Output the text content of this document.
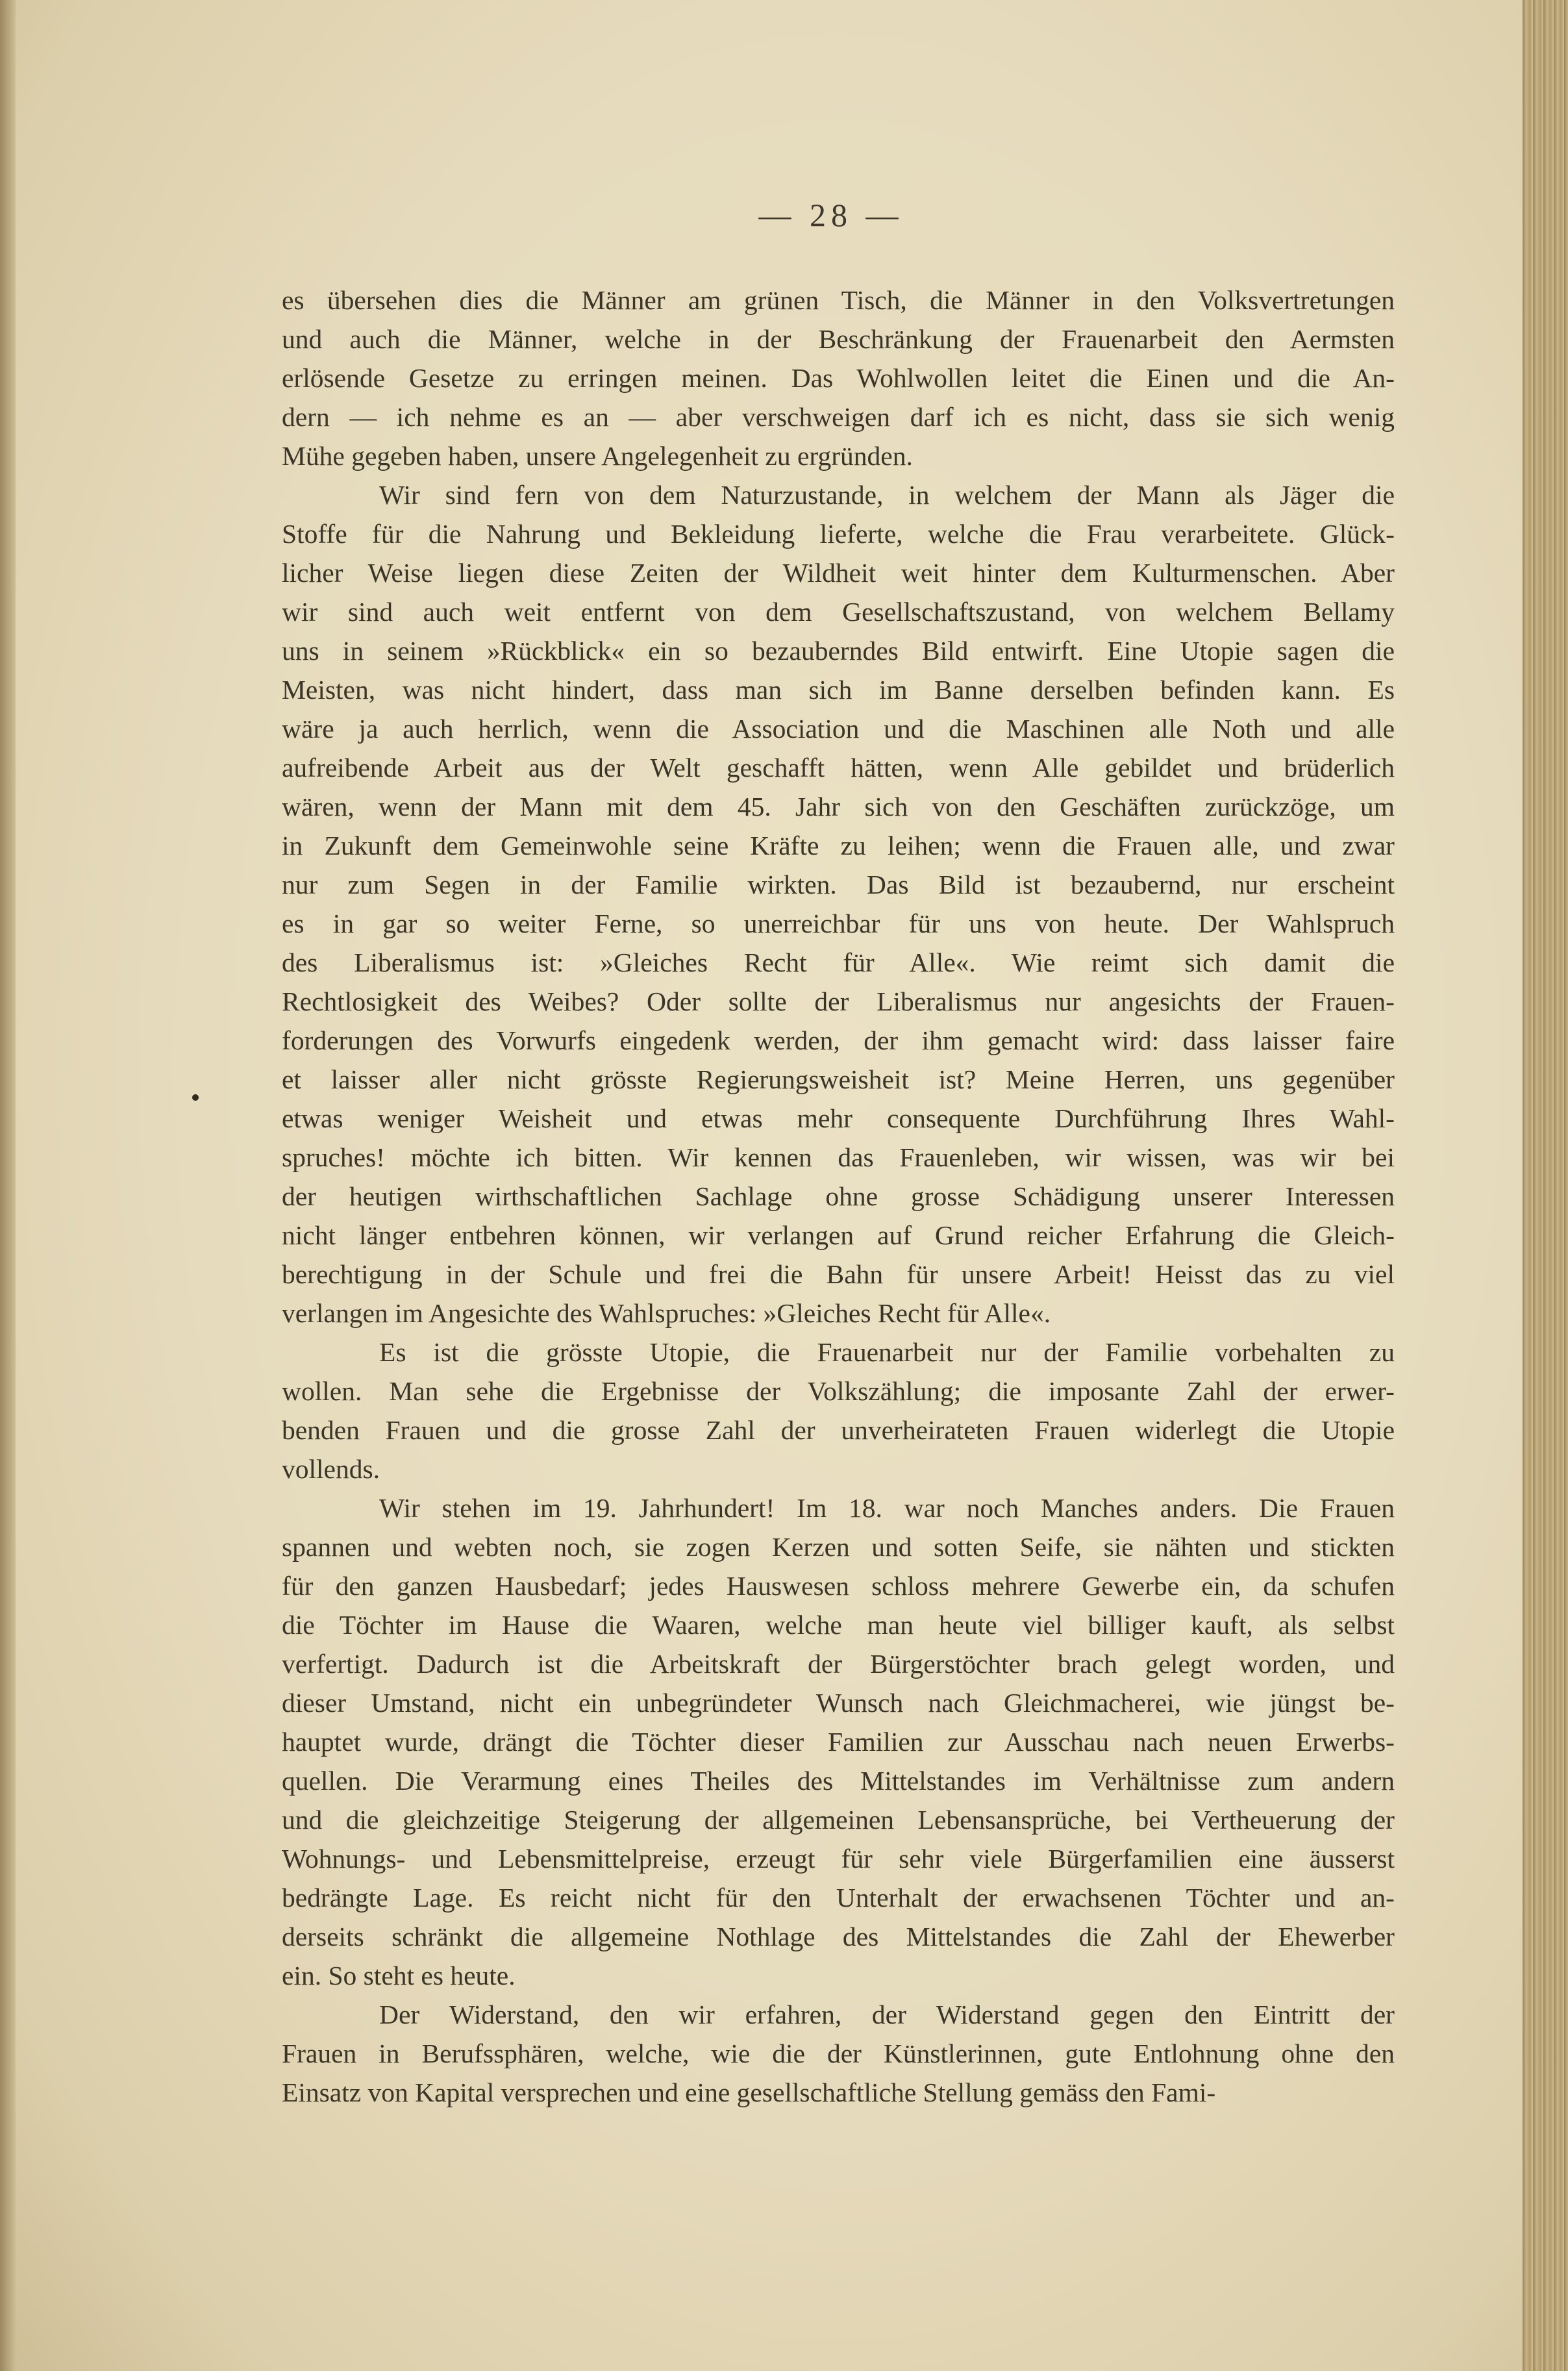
— 28 —
es übersehen dies die Männer am grünen Tisch, die Männer in den Volksvertretungen
und auch die Männer, welche in der Beschränkung der Frauenarbeit den Aermsten
erlösende Gesetze zu erringen meinen. Das Wohlwollen leitet die Einen und die An-
dern — ich nehme es an — aber verschweigen darf ich es nicht, dass sie sich wenig
Mühe gegeben haben, unsere Angelegenheit zu ergründen.
Wir sind fern von dem Naturzustande, in welchem der Mann als Jäger die
Stoffe für die Nahrung und Bekleidung lieferte, welche die Frau verarbeitete. Glück-
licher Weise liegen diese Zeiten der Wildheit weit hinter dem Kulturmenschen. Aber
wir sind auch weit entfernt von dem Gesellschaftszustand, von welchem Bellamy
uns in seinem »Rückblick« ein so bezauberndes Bild entwirft. Eine Utopie sagen die
Meisten, was nicht hindert, dass man sich im Banne derselben befinden kann. Es
wäre ja auch herrlich, wenn die Association und die Maschinen alle Noth und alle
aufreibende Arbeit aus der Welt geschafft hätten, wenn Alle gebildet und brüderlich
wären, wenn der Mann mit dem 45. Jahr sich von den Geschäften zurückzöge, um
in Zukunft dem Gemeinwohle seine Kräfte zu leihen; wenn die Frauen alle, und zwar
nur zum Segen in der Familie wirkten. Das Bild ist bezaubernd, nur erscheint
es in gar so weiter Ferne, so unerreichbar für uns von heute. Der Wahlspruch
des Liberalismus ist: »Gleiches Recht für Alle«. Wie reimt sich damit die
Rechtlosigkeit des Weibes? Oder sollte der Liberalismus nur angesichts der Frauen-
forderungen des Vorwurfs eingedenk werden, der ihm gemacht wird: dass laisser faire
et laisser aller nicht grösste Regierungsweisheit ist? Meine Herren, uns gegenüber
etwas weniger Weisheit und etwas mehr consequente Durchführung Ihres Wahl-
spruches! möchte ich bitten. Wir kennen das Frauenleben, wir wissen, was wir bei
der heutigen wirthschaftlichen Sachlage ohne grosse Schädigung unserer Interessen
nicht länger entbehren können, wir verlangen auf Grund reicher Erfahrung die Gleich-
berechtigung in der Schule und frei die Bahn für unsere Arbeit! Heisst das zu viel
verlangen im Angesichte des Wahlspruches: »Gleiches Recht für Alle«.
Es ist die grösste Utopie, die Frauenarbeit nur der Familie vorbehalten zu
wollen. Man sehe die Ergebnisse der Volkszählung; die imposante Zahl der erwer-
benden Frauen und die grosse Zahl der unverheirateten Frauen widerlegt die Utopie
vollends.
Wir stehen im 19. Jahrhundert! Im 18. war noch Manches anders. Die Frauen
spannen und webten noch, sie zogen Kerzen und sotten Seife, sie nähten und stickten
für den ganzen Hausbedarf; jedes Hauswesen schloss mehrere Gewerbe ein, da schufen
die Töchter im Hause die Waaren, welche man heute viel billiger kauft, als selbst
verfertigt. Dadurch ist die Arbeitskraft der Bürgerstöchter brach gelegt worden, und
dieser Umstand, nicht ein unbegründeter Wunsch nach Gleichmacherei, wie jüngst be-
hauptet wurde, drängt die Töchter dieser Familien zur Ausschau nach neuen Erwerbs-
quellen. Die Verarmung eines Theiles des Mittelstandes im Verhältnisse zum andern
und die gleichzeitige Steigerung der allgemeinen Lebensansprüche, bei Vertheuerung der
Wohnungs- und Lebensmittelpreise, erzeugt für sehr viele Bürgerfamilien eine äusserst
bedrängte Lage. Es reicht nicht für den Unterhalt der erwachsenen Töchter und an-
derseits schränkt die allgemeine Nothlage des Mittelstandes die Zahl der Ehewerber
ein. So steht es heute.
Der Widerstand, den wir erfahren, der Widerstand gegen den Eintritt der
Frauen in Berufssphären, welche, wie die der Künstlerinnen, gute Entlohnung ohne den
Einsatz von Kapital versprechen und eine gesellschaftliche Stellung gemäss den Fami-
